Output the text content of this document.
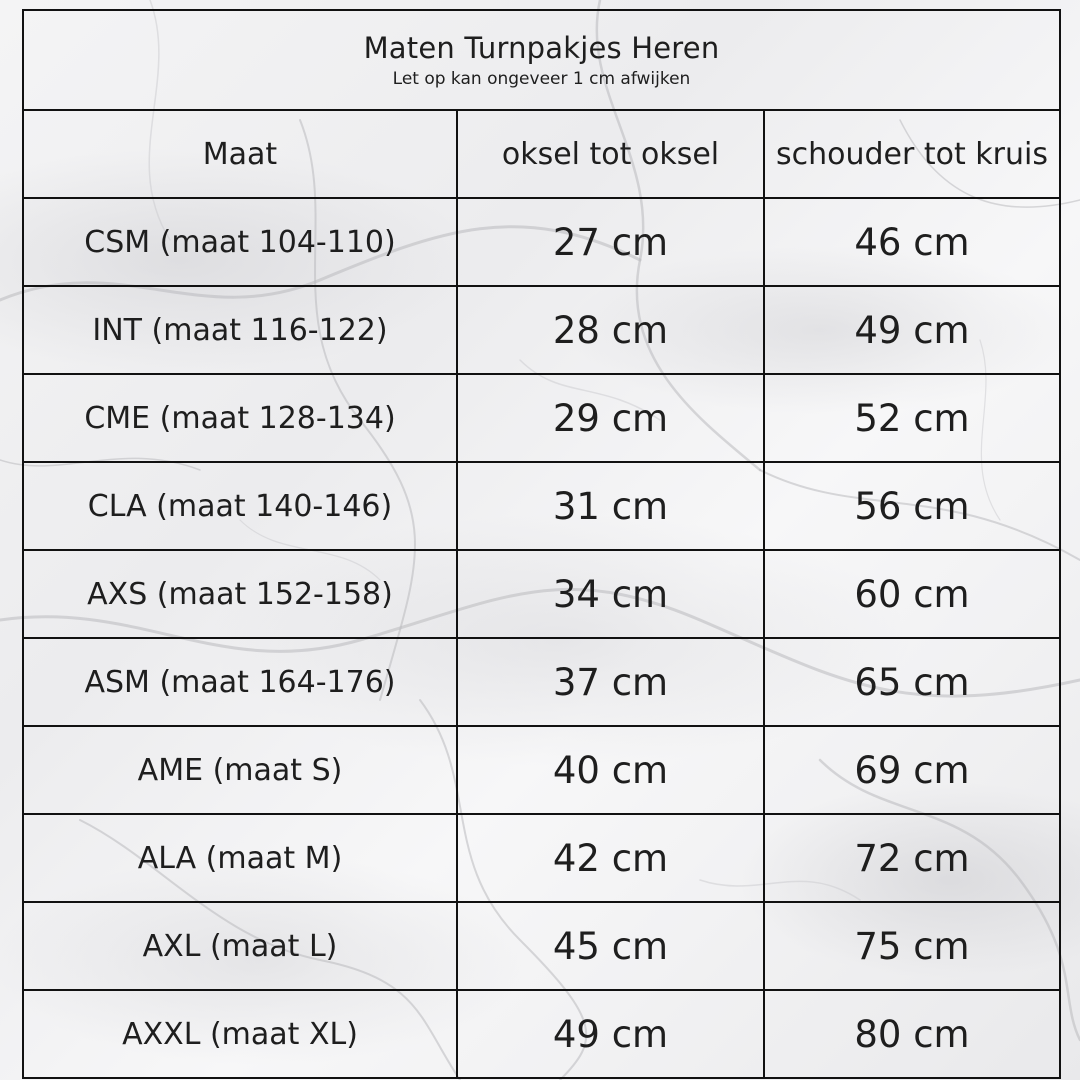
Maten Turnpakjes Heren
Let op kan ongeveer 1 cm afwijken		

Maat	oksel tot oksel	schouder tot kruis
CSM (maat 104-110)	27 cm	46 cm
INT (maat 116-122)	28 cm	49 cm
CME (maat 128-134)	29 cm	52 cm
CLA (maat 140-146)	31 cm	56 cm
AXS (maat 152-158)	34 cm	60 cm
ASM (maat 164-176)	37 cm	65 cm
AME (maat S)	40 cm	69 cm
ALA (maat M)	42 cm	72 cm
AXL (maat L)	45 cm	75 cm
AXXL (maat XL)	49 cm	80 cm
